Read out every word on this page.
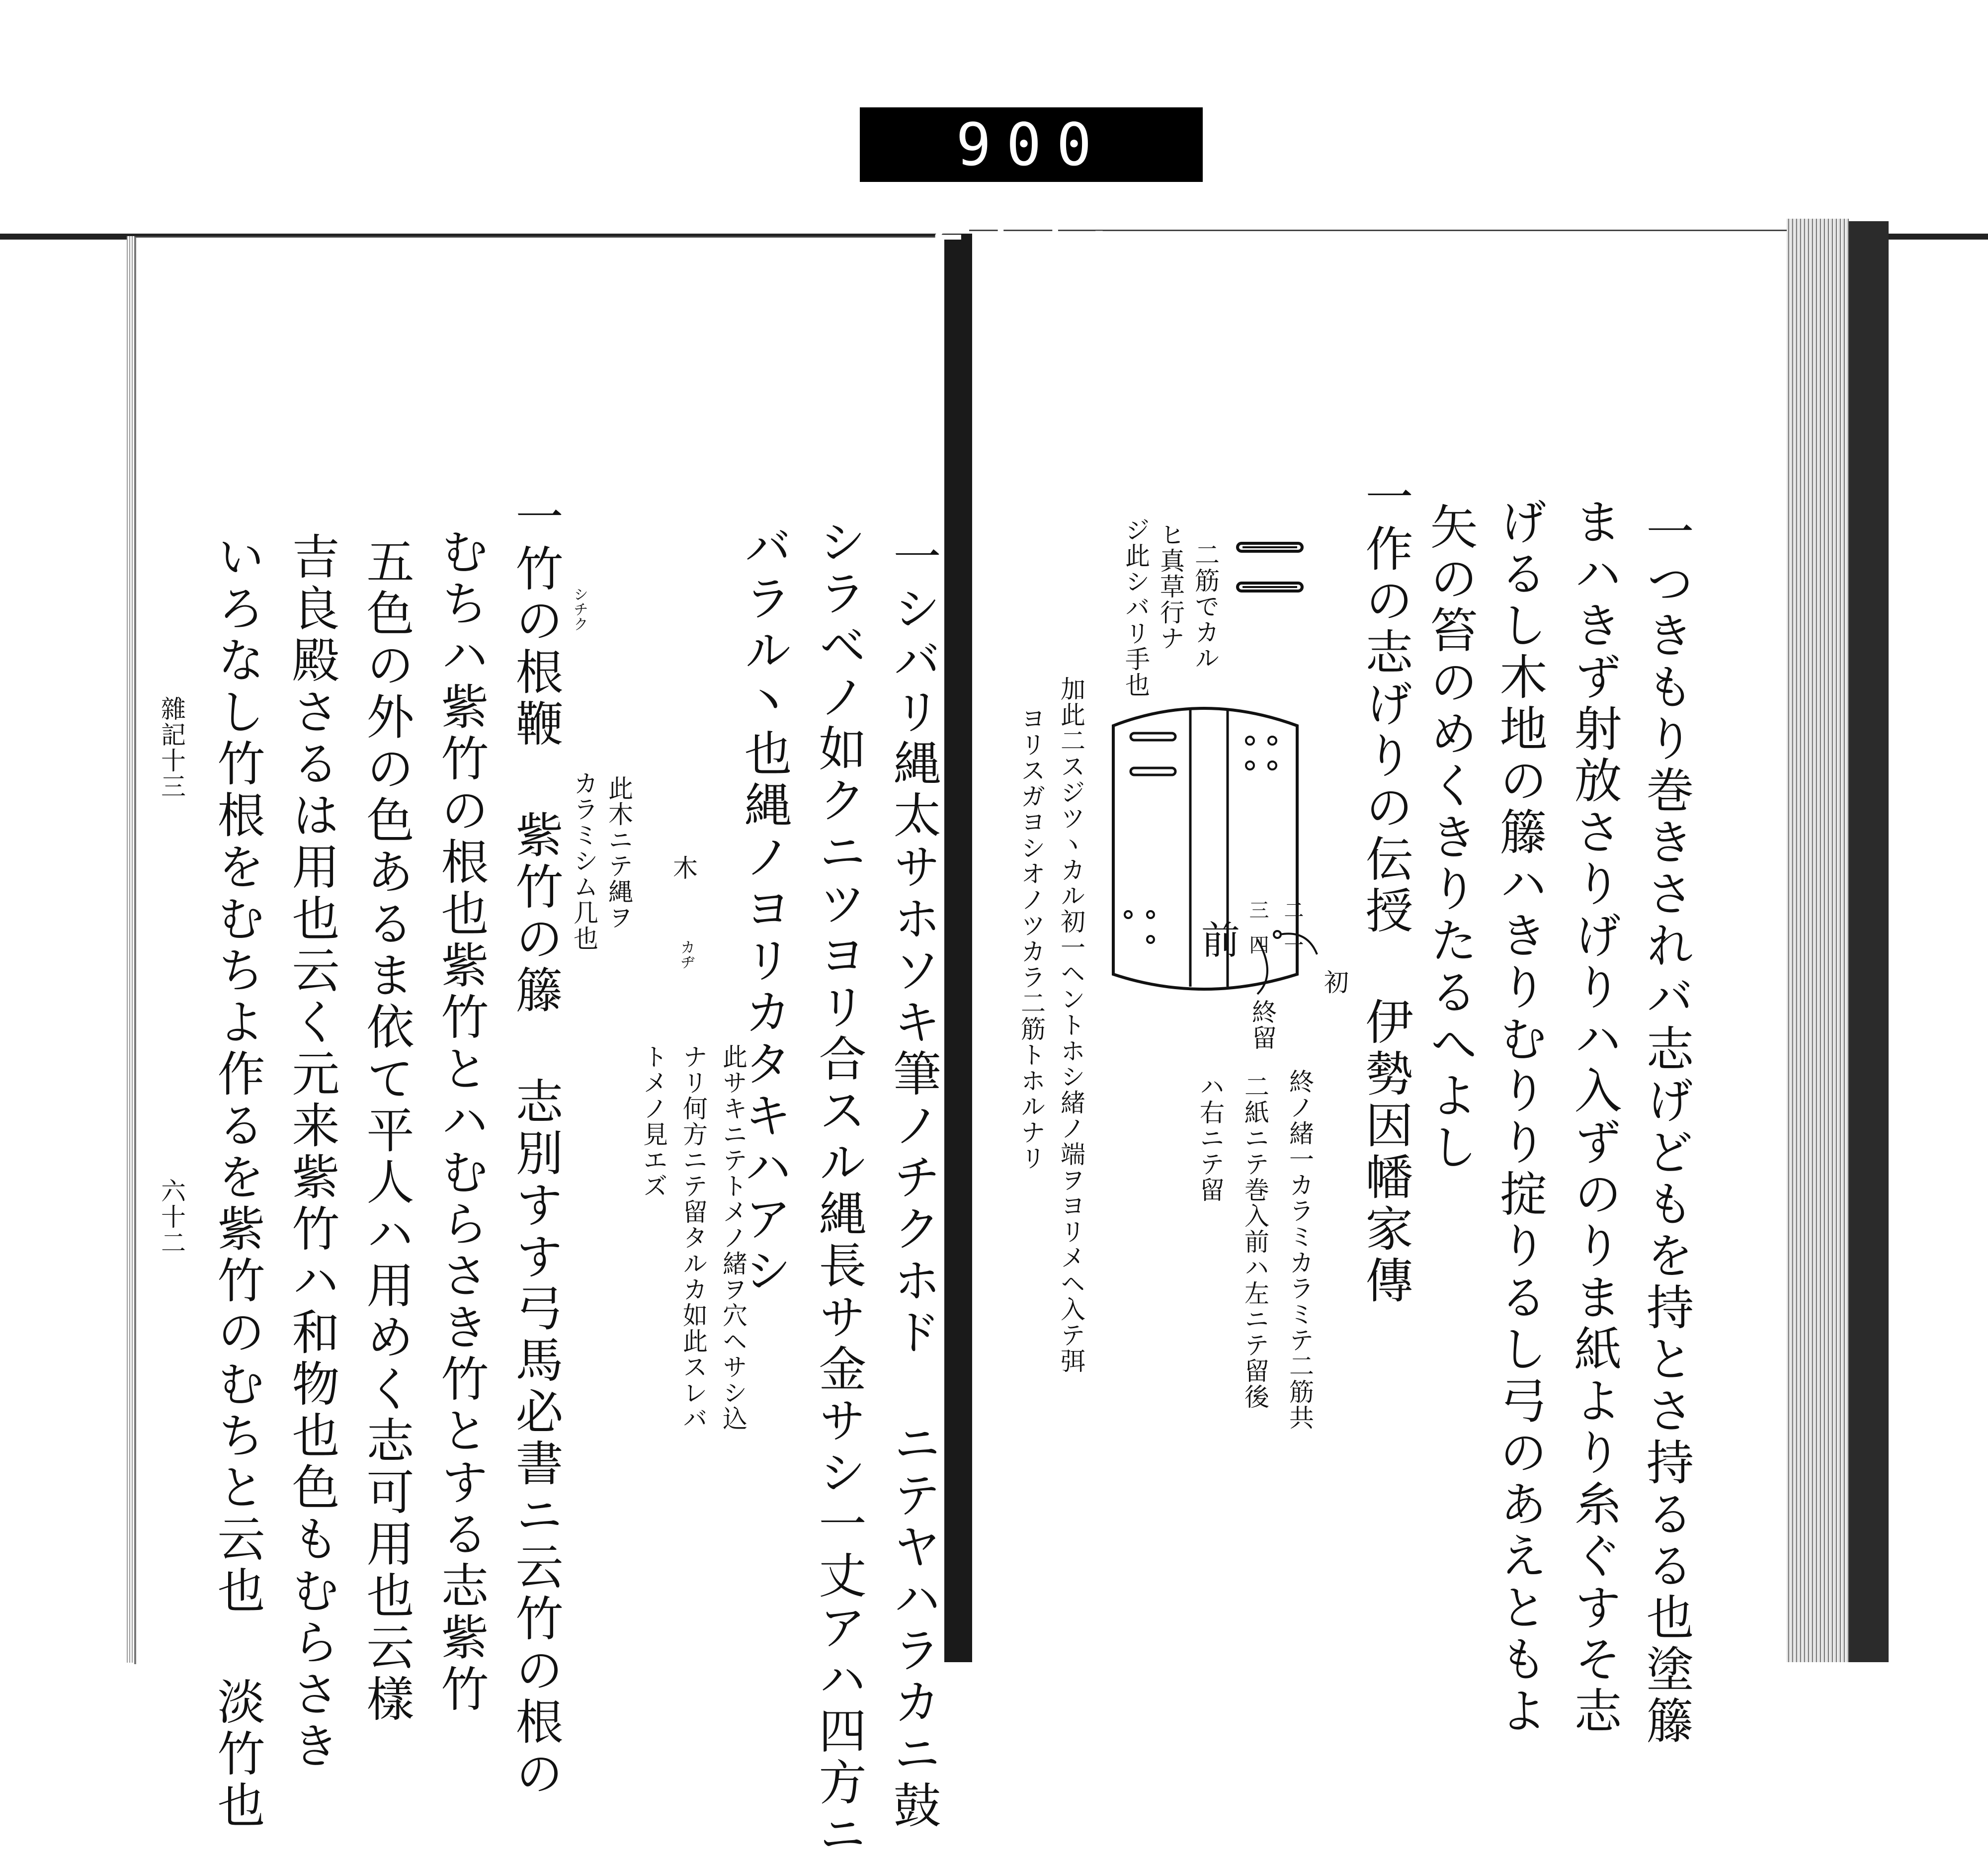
900 214.
一つきもり巻きされバ志げどもを持とさ持るる也塗籐
まハきず射放さりげりハ入ずのりま紙より糸ぐすそ志
げるし木地の籐ハきりむりり掟りるし弓のあえともよ
矢の笞のめくきりたるへよし
一作の志げりの伝授 伊勢因幡家傳
二筋でカル
ヒ真草行ナ
ジ此シバリ手也
前
三
四
二
一
初
終留
加此二スジツヽカル初一ヘントホシ緒ノ端ヲヨリメヘ入テ弭
ヨリスガヨシオノツカラ二筋トホルナリ
終ノ緒一カラミカラミテ二筋共
二紙ニテ巻入前ハ左ニテ留後
ハ右ニテ留
一シバリ縄太サホソキ筆ノチクホド ニテヤハラカニ鼓
シラベノ如クニツヨリ合スル縄長サ金サシ一丈アハ四方ニ
バラル丶也縄ノヨリカタキハアシ
木
カヂ
此木ニテ縄ヲ
カラミシム几也
此サキニテトメノ緒ヲ穴ヘサシ込
ナリ何方ニテ留タルカ如此スレバ
トメノ見エズ
シチク
一竹の根鞭 紫竹の籐 志別すす弓馬必書ニ云竹の根の
むちハ紫竹の根也紫竹とハむらさき竹とする志紫竹
五色の外の色あるま依て平人ハ用めく志可用也云樣
吉良殿さるは用也云く元来紫竹ハ和物也色もむらさき
いろなし竹根をむちよ作るを紫竹のむちと云也 淡竹也
雜記十三
六十二
